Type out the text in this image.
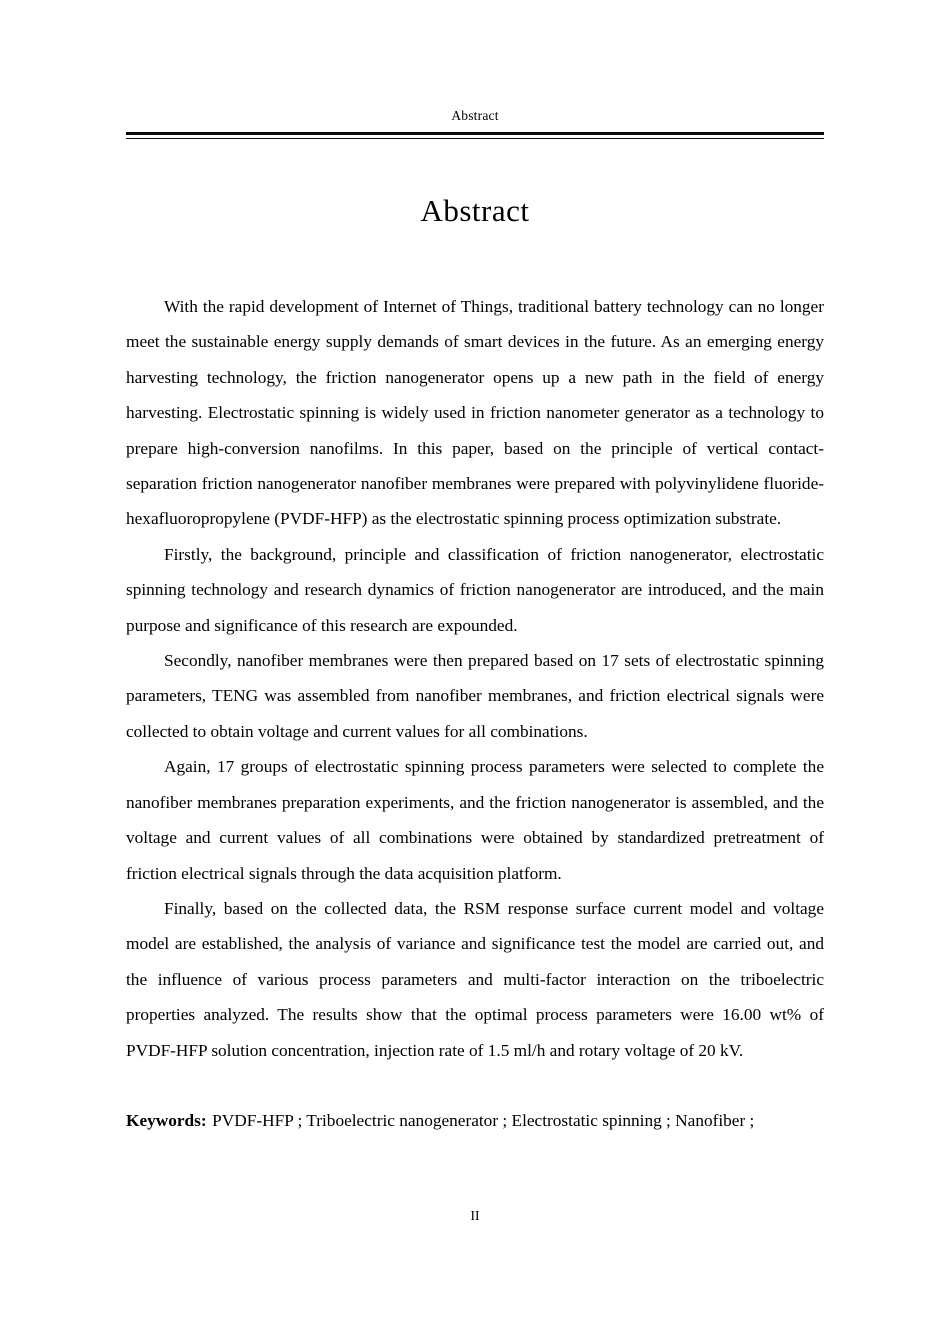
Abstract
Abstract

With the rapid development of Internet of Things, traditional battery technology can no longer meet the sustainable energy supply demands of smart devices in the future. As an emerging energy harvesting technology, the friction nanogenerator opens up a new path in the field of energy harvesting. Electrostatic spinning is widely used in friction nanometer generator as a technology to prepare high-conversion nanofilms. In this paper, based on the principle of vertical contact-separation friction nanogenerator nanofiber membranes were prepared with polyvinylidene fluoride-hexafluoropropylene (PVDF-HFP) as the electrostatic spinning process optimization substrate.

Firstly, the background, principle and classification of friction nanogenerator, electrostatic spinning technology and research dynamics of friction nanogenerator are introduced, and the main purpose and significance of this research are expounded.

Secondly, nanofiber membranes were then prepared based on 17 sets of electrostatic spinning parameters, TENG was assembled from nanofiber membranes, and friction electrical signals were collected to obtain voltage and current values for all combinations.

Again, 17 groups of electrostatic spinning process parameters were selected to complete the nanofiber membranes preparation experiments, and the friction nanogenerator is assembled, and the voltage and current values of all combinations were obtained by standardized pretreatment of friction electrical signals through the data acquisition platform.

Finally, based on the collected data, the RSM response surface current model and voltage model are established, the analysis of variance and significance test the model are carried out, and the influence of various process parameters and multi-factor interaction on the triboelectric properties analyzed. The results show that the optimal process parameters were 16.00 wt% of PVDF-HFP solution concentration, injection rate of 1.5 ml/h and rotary voltage of 20 kV.

Keywords: PVDF-HFP ; Triboelectric nanogenerator ; Electrostatic spinning ; Nanofiber ;

II
